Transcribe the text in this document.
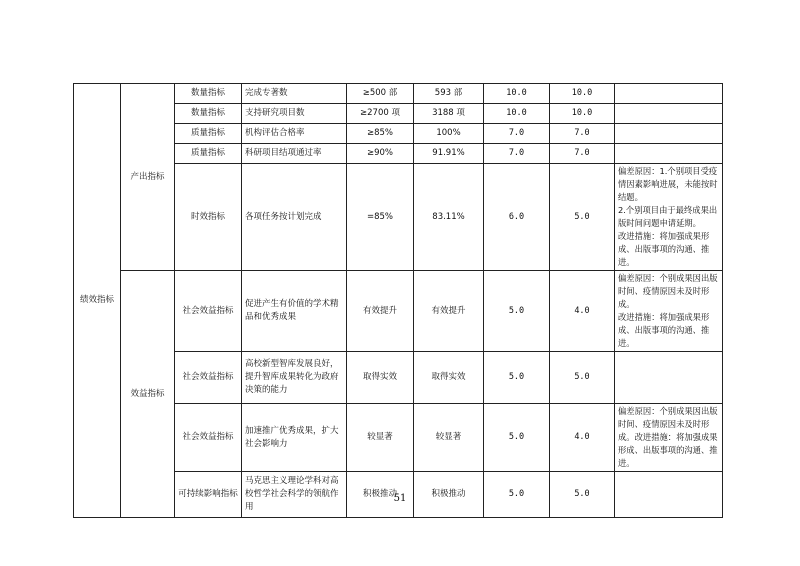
绩效指标	产出指标	数量指标	完成专著数	≥500 部	593 部	10.0	10.0	
		数量指标	支持研究项目数	≥2700 项	3188 项	10.0	10.0	
		质量指标	机构评估合格率	≥85%	100%	7.0	7.0	
		质量指标	科研项目结项通过率	≥90%	91.91%	7.0	7.0	
		时效指标	各项任务按计划完成	=85%	83.11%	6.0	5.0	偏差原因：1.个别项目受疫情因素影响进展，未能按时结题。
2.个别项目由于最终成果出版时间问题申请延期。
改进措施：将加强成果形成、出版事项的沟通、推进。
	效益指标	社会效益指标	促进产生有价值的学术精品和优秀成果	有效提升	有效提升	5.0	4.0	偏差原因：个别成果因出版时间、疫情原因未及时形成。
改进措施：将加强成果形成、出版事项的沟通、推进。
		社会效益指标	高校新型智库发展良好，提升智库成果转化为政府决策的能力	取得实效	取得实效	5.0	5.0	
		社会效益指标	加速推广优秀成果，扩大社会影响力	较显著	较显著	5.0	4.0	偏差原因：个别成果因出版时间、疫情原因未及时形成。改进措施：将加强成果形成、出版事项的沟通、推进。
		可持续影响指标	马克思主义理论学科对高校哲学社会科学的领航作用	积极推动	积极推动	5.0	5.0	
51
